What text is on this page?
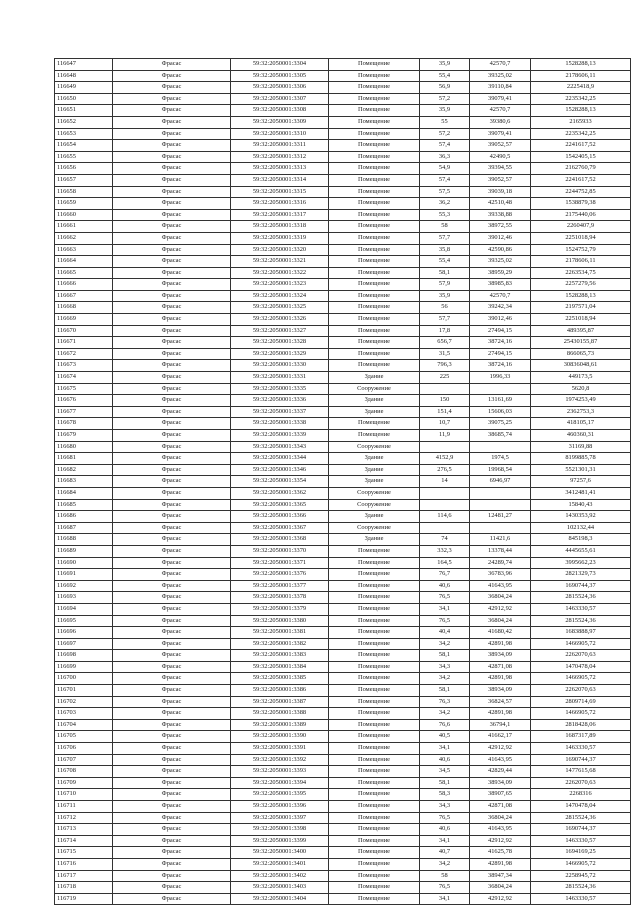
116647	Фрасаc	59:32:2050001:3304	Помещение	35,9	42570,7	1528288,13
116648	Фрасаc	59:32:2050001:3305	Помещение	55,4	39325,02	2178606,11
116649	Фрасаc	59:32:2050001:3306	Помещение	56,9	39110,84	2225418,9
116650	Фрасаc	59:32:2050001:3307	Помещение	57,2	39079,41	2235342,25
116651	Фрасаc	59:32:2050001:3308	Помещение	35,9	42570,7	1528288,13
116652	Фрасаc	59:32:2050001:3309	Помещение	55	39380,6	2165933
116653	Фрасаc	59:32:2050001:3310	Помещение	57,2	39079,41	2235342,25
116654	Фрасаc	59:32:2050001:3311	Помещение	57,4	39052,57	2241617,52
116655	Фрасаc	59:32:2050001:3312	Помещение	36,3	42490,5	1542405,15
116656	Фрасаc	59:32:2050001:3313	Помещение	54,9	39394,55	2162760,79
116657	Фрасаc	59:32:2050001:3314	Помещение	57,4	39052,57	2241617,52
116658	Фрасаc	59:32:2050001:3315	Помещение	57,5	39039,18	2244752,85
116659	Фрасаc	59:32:2050001:3316	Помещение	36,2	42510,48	1538879,38
116660	Фрасаc	59:32:2050001:3317	Помещение	55,3	39338,88	2175440,06
116661	Фрасаc	59:32:2050001:3318	Помещение	58	38972,55	2260407,9
116662	Фрасаc	59:32:2050001:3319	Помещение	57,7	39012,46	2251018,94
116663	Фрасаc	59:32:2050001:3320	Помещение	35,8	42590,86	1524752,79
116664	Фрасаc	59:32:2050001:3321	Помещение	55,4	39325,02	2178606,11
116665	Фрасаc	59:32:2050001:3322	Помещение	58,1	38959,29	2263534,75
116666	Фрасаc	59:32:2050001:3323	Помещение	57,9	38985,83	2257279,56
116667	Фрасаc	59:32:2050001:3324	Помещение	35,9	42570,7	1528288,13
116668	Фрасаc	59:32:2050001:3325	Помещение	56	39242,34	2197571,04
116669	Фрасаc	59:32:2050001:3326	Помещение	57,7	39012,46	2251018,94
116670	Фрасаc	59:32:2050001:3327	Помещение	17,8	27494,15	489395,87
116671	Фрасаc	59:32:2050001:3328	Помещение	656,7	38724,16	25430155,87
116672	Фрасаc	59:32:2050001:3329	Помещение	31,5	27494,15	866065,73
116673	Фрасаc	59:32:2050001:3330	Помещение	796,3	38724,16	30836048,61
116674	Фрасаc	59:32:2050001:3331	Здание	225	1996,33	449173,5
116675	Фрасаc	59:32:2050001:3335	Сооружение			5620,8
116676	Фрасаc	59:32:2050001:3336	Здание	150	13161,69	1974253,49
116677	Фрасаc	59:32:2050001:3337	Здание	151,4	15606,03	2362753,3
116678	Фрасаc	59:32:2050001:3338	Помещение	10,7	39075,25	418105,17
116679	Фрасаc	59:32:2050001:3339	Помещение	11,9	38685,74	460360,31
116680	Фрасаc	59:32:2050001:3343	Сооружение			31169,88
116681	Фрасаc	59:32:2050001:3344	Здание	4152,9	1974,5	8199885,78
116682	Фрасаc	59:32:2050001:3346	Здание	276,5	19968,54	5521301,31
116683	Фрасаc	59:32:2050001:3354	Здание	14	6946,97	97257,6
116684	Фрасаc	59:32:2050001:3362	Сооружение			3412481,41
116685	Фрасаc	59:32:2050001:3365	Сооружение			15840,43
116686	Фрасаc	59:32:2050001:3366	Здание	114,6	12481,27	1430353,92
116687	Фрасаc	59:32:2050001:3367	Сооружение			102132,44
116688	Фрасаc	59:32:2050001:3368	Здание	74	11421,6	845198,3
116689	Фрасаc	59:32:2050001:3370	Помещение	332,3	13378,44	4445655,61
116690	Фрасаc	59:32:2050001:3371	Помещение	164,5	24289,74	3995662,23
116691	Фрасаc	59:32:2050001:3376	Помещение	76,7	36783,96	2821329,73
116692	Фрасаc	59:32:2050001:3377	Помещение	40,6	41643,95	1690744,37
116693	Фрасаc	59:32:2050001:3378	Помещение	76,5	36804,24	2815524,36
116694	Фрасаc	59:32:2050001:3379	Помещение	34,1	42912,92	1463330,57
116695	Фрасаc	59:32:2050001:3380	Помещение	76,5	36804,24	2815524,36
116696	Фрасаc	59:32:2050001:3381	Помещение	40,4	41680,42	1683888,97
116697	Фрасаc	59:32:2050001:3382	Помещение	34,2	42891,98	1466905,72
116698	Фрасаc	59:32:2050001:3383	Помещение	58,1	38934,09	2262070,63
116699	Фрасаc	59:32:2050001:3384	Помещение	34,3	42871,08	1470478,04
116700	Фрасаc	59:32:2050001:3385	Помещение	34,2	42891,98	1466905,72
116701	Фрасаc	59:32:2050001:3386	Помещение	58,1	38934,09	2262070,63
116702	Фрасаc	59:32:2050001:3387	Помещение	76,3	36824,57	2809714,69
116703	Фрасаc	59:32:2050001:3388	Помещение	34,2	42891,98	1466905,72
116704	Фрасаc	59:32:2050001:3389	Помещение	76,6	36794,1	2818428,06
116705	Фрасаc	59:32:2050001:3390	Помещение	40,5	41662,17	1687317,89
116706	Фрасаc	59:32:2050001:3391	Помещение	34,1	42912,92	1463330,57
116707	Фрасаc	59:32:2050001:3392	Помещение	40,6	41643,95	1690744,37
116708	Фрасаc	59:32:2050001:3393	Помещение	34,5	42829,44	1477615,68
116709	Фрасаc	59:32:2050001:3394	Помещение	58,1	38934,09	2262070,63
116710	Фрасаc	59:32:2050001:3395	Помещение	58,3	38907,65	2268316
116711	Фрасаc	59:32:2050001:3396	Помещение	34,3	42871,08	1470478,04
116712	Фрасаc	59:32:2050001:3397	Помещение	76,5	36804,24	2815524,36
116713	Фрасаc	59:32:2050001:3398	Помещение	40,6	41643,95	1690744,37
116714	Фрасаc	59:32:2050001:3399	Помещение	34,1	42912,92	1463330,57
116715	Фрасаc	59:32:2050001:3400	Помещение	40,7	41625,78	1694169,25
116716	Фрасаc	59:32:2050001:3401	Помещение	34,2	42891,98	1466905,72
116717	Фрасаc	59:32:2050001:3402	Помещение	58	38947,34	2258945,72
116718	Фрасаc	59:32:2050001:3403	Помещение	76,5	36804,24	2815524,36
116719	Фрасаc	59:32:2050001:3404	Помещение	34,1	42912,92	1463330,57
